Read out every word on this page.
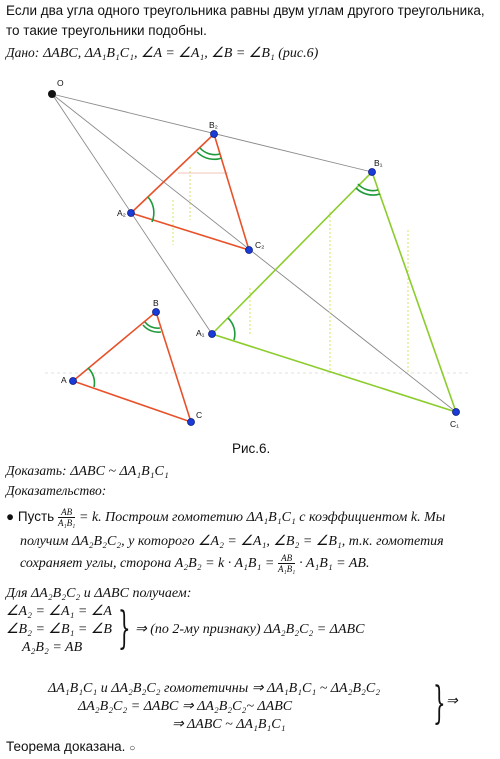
Если два угла одного треугольника равны двум углам другого треугольника,
то такие треугольники подобны.
Дано: ΔABC, ΔA₁B₁C₁, ∠A = ∠A₁, ∠B = ∠B₁ (рис.6)
O
A₂
B₂
C₂
A
B
C
A₁
B₁
C₁
Рис.6.
Доказать: ΔABC ~ ΔA₁B₁C₁
Доказательство:
● Пусть $\frac{AB}{\text{A₁B₁}} = k$. Построим гомотетию ΔA₁B₁C₁ с коэффициентом k. Мы
получим ΔA₂B₂C₂, у которого ∠A₂ = ∠A₁, ∠B₂ = ∠B₁, т.к. гомотетия
сохраняет углы, сторона $A_2B_2 = k \cdot A_1B_1 = \frac{AB}{\text{A₁B₁}} \cdot A_1B_1$ = AB.
Для ΔA₂B₂C₂ и ΔABC получаем:
∠A₂ = ∠A₁ = ∠A
∠B₂ = ∠B₁ = ∠B
A₂B₂ = AB } ⇒ (по 2-му признаку) ΔA₂B₂C₂ = ΔABC
ΔA₁B₁C₁ и ΔA₂B₂C₂ гомотетичны ⇒ ΔA₁B₁C₁ ~ ΔA₂B₂C₂
ΔA₂B₂C₂ = ΔABC ⇒ ΔA₂B₂C₂~ ΔABC
⇒ ΔABC ~ ΔA₁B₁C₁	} ⇒
Теорема доказана. ○
